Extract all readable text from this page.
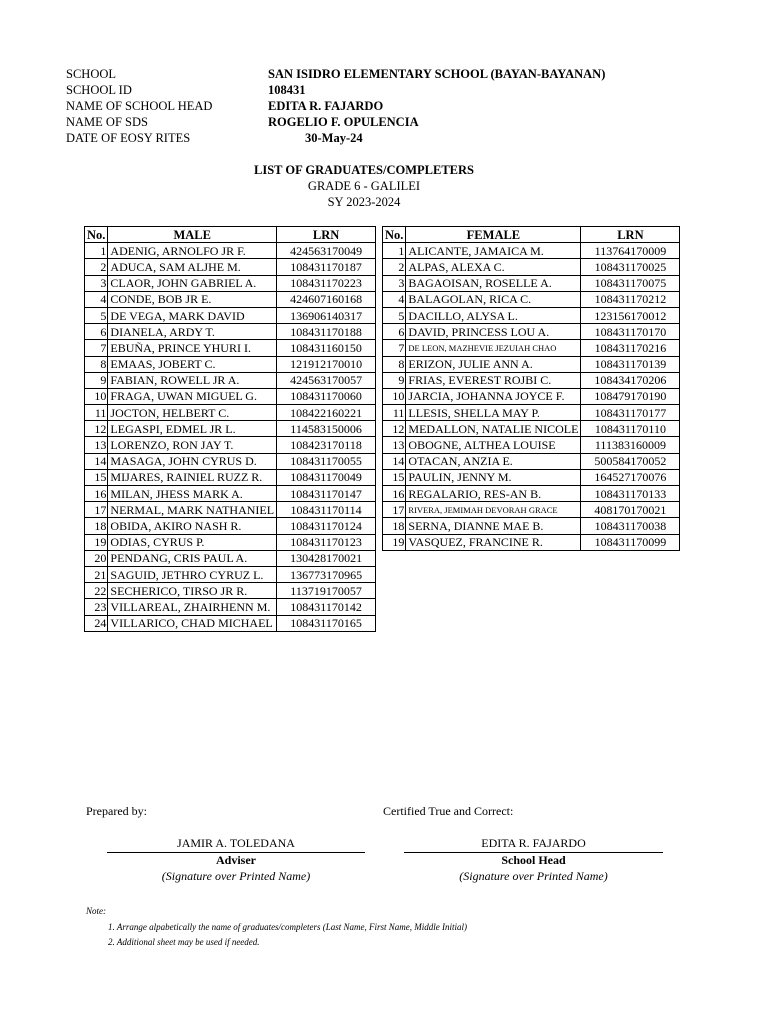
SCHOOL	SAN ISIDRO ELEMENTARY SCHOOL (BAYAN-BAYANAN)
SCHOOL ID	108431
NAME OF SCHOOL HEAD	EDITA R. FAJARDO
NAME OF SDS	ROGELIO F. OPULENCIA
DATE OF EOSY RITES	30-May-24
LIST OF GRADUATES/COMPLETERS
GRADE 6 - GALILEI
SY 2023-2024
No.	MALE	LRN
1	ADENIG, ARNOLFO JR F.	424563170049
2	ADUCA, SAM ALJHE M.	108431170187
3	CLAOR, JOHN GABRIEL A.	108431170223
4	CONDE, BOB JR E.	424607160168
5	DE VEGA, MARK DAVID	136906140317
6	DIANELA, ARDY T.	108431170188
7	EBUÑA, PRINCE YHURI I.	108431160150
8	EMAAS, JOBERT C.	121912170010
9	FABIAN, ROWELL JR A.	424563170057
10	FRAGA, UWAN MIGUEL G.	108431170060
11	JOCTON, HELBERT C.	108422160221
12	LEGASPI, EDMEL JR L.	114583150006
13	LORENZO, RON JAY T.	108423170118
14	MASAGA, JOHN CYRUS D.	108431170055
15	MIJARES, RAINIEL RUZZ R.	108431170049
16	MILAN, JHESS MARK A.	108431170147
17	NERMAL, MARK NATHANIEL	108431170114
18	OBIDA, AKIRO NASH R.	108431170124
19	ODIAS, CYRUS P.	108431170123
20	PENDANG, CRIS PAUL A.	130428170021
21	SAGUID, JETHRO CYRUZ L.	136773170965
22	SECHERICO, TIRSO JR R.	113719170057
23	VILLAREAL, ZHAIRHENN M.	108431170142
24	VILLARICO, CHAD MICHAEL	108431170165
No.	FEMALE	LRN
1	ALICANTE, JAMAICA M.	113764170009
2	ALPAS, ALEXA C.	108431170025
3	BAGAOISAN, ROSELLE A.	108431170075
4	BALAGOLAN, RICA C.	108431170212
5	DACILLO, ALYSA L.	123156170012
6	DAVID, PRINCESS LOU A.	108431170170
7	DE LEON, MAZHEVIE JEZUIAH CHAO	108431170216
8	ERIZON, JULIE ANN A.	108431170139
9	FRIAS, EVEREST ROJBI C.	108434170206
10	JARCIA, JOHANNA JOYCE F.	108479170190
11	LLESIS, SHELLA MAY P.	108431170177
12	MEDALLON, NATALIE NICOLE	108431170110
13	OBOGNE, ALTHEA LOUISE	111383160009
14	OTACAN, ANZIA E.	500584170052
15	PAULIN, JENNY M.	164527170076
16	REGALARIO, RES-AN B.	108431170133
17	RIVERA, JEMIMAH DEVORAH GRACE	408170170021
18	SERNA, DIANNE MAE B.	108431170038
19	VASQUEZ, FRANCINE R.	108431170099
Prepared by:	Certified True and Correct:
JAMIR A. TOLEDANA
Adviser
(Signature over Printed Name)
EDITA R. FAJARDO
School Head
(Signature over Printed Name)
Note:
1. Arrange alpabetically the name of graduates/completers (Last Name, First Name, Middle Initial)
2. Additional sheet may be used if needed.
